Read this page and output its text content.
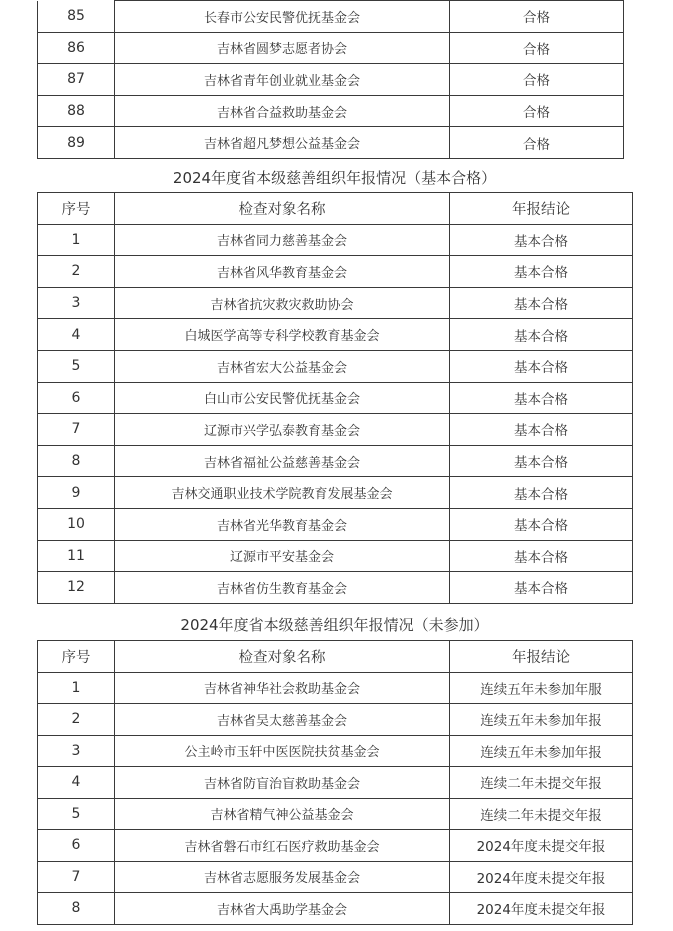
85	长春市公安民警优抚基金会	合格
86	吉林省圆梦志愿者协会	合格
87	吉林省青年创业就业基金会	合格
88	吉林省合益救助基金会	合格
89	吉林省超凡梦想公益基金会	合格
2024年度省本级慈善组织年报情况（基本合格）
序号	检查对象名称	年报结论
1	吉林省同力慈善基金会	基本合格
2	吉林省风华教育基金会	基本合格
3	吉林省抗灾救灾救助协会	基本合格
4	白城医学高等专科学校教育基金会	基本合格
5	吉林省宏大公益基金会	基本合格
6	白山市公安民警优抚基金会	基本合格
7	辽源市兴学弘泰教育基金会	基本合格
8	吉林省福祉公益慈善基金会	基本合格
9	吉林交通职业技术学院教育发展基金会	基本合格
10	吉林省光华教育基金会	基本合格
11	辽源市平安基金会	基本合格
12	吉林省仿生教育基金会	基本合格
2024年度省本级慈善组织年报情况（未参加）
序号	检查对象名称	年报结论
1	吉林省神华社会救助基金会	连续五年未参加年服
2	吉林省吴太慈善基金会	连续五年未参加年报
3	公主岭市玉轩中医医院扶贫基金会	连续五年未参加年报
4	吉林省防盲治盲救助基金会	连续二年未提交年报
5	吉林省精气神公益基金会	连续二年未提交年报
6	吉林省磐石市红石医疗救助基金会	2024年度未提交年报
7	吉林省志愿服务发展基金会	2024年度未提交年报
8	吉林省大禹助学基金会	2024年度未提交年报
